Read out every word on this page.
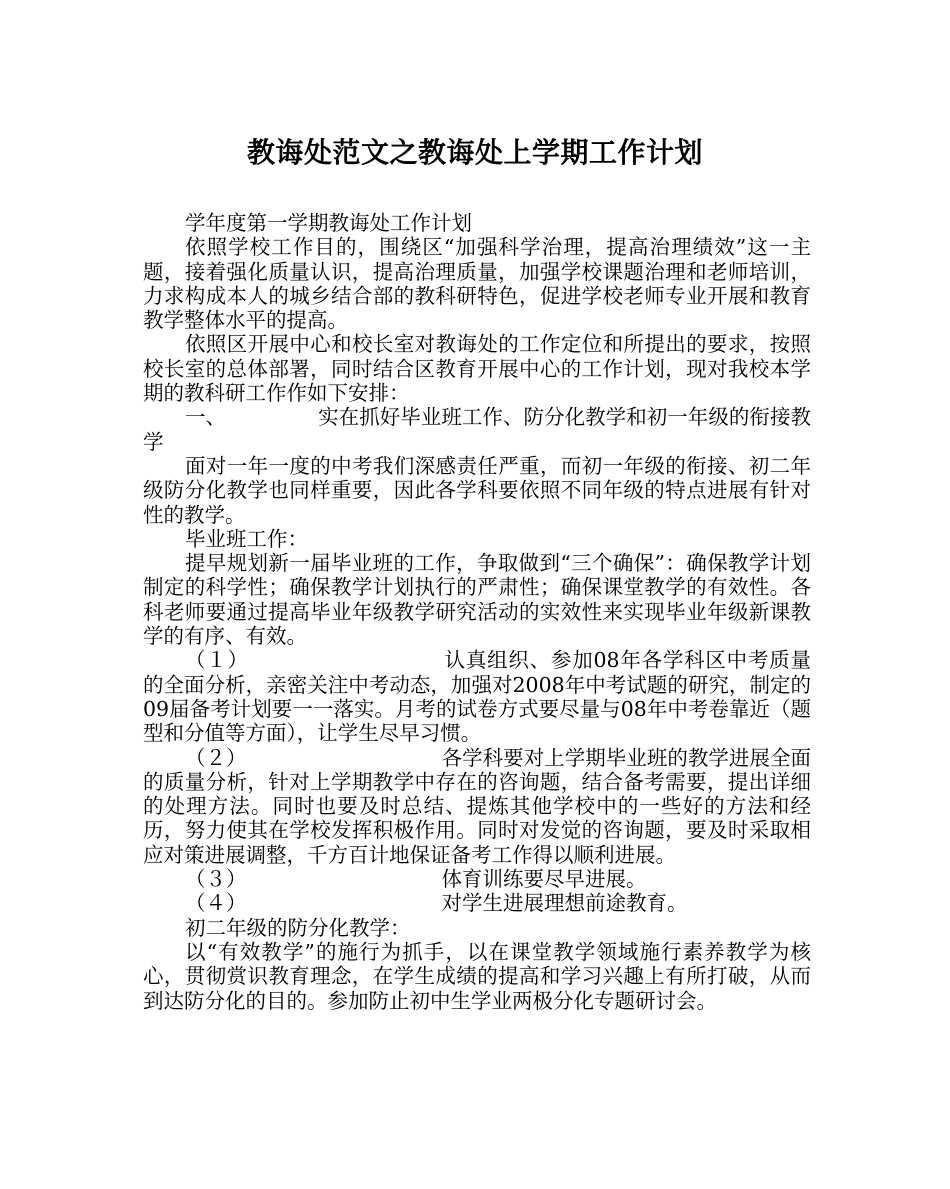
教诲处范文之教诲处上学期工作计划

学年度第一学期教诲处工作计划

依照学校工作目的，围绕区“加强科学治理，提高治理绩效”这一主题，接着强化质量认识，提高治理质量，加强学校课题治理和老师培训，力求构成本人的城乡结合部的教科研特色，促进学校老师专业开展和教育教学整体水平的提高。

依照区开展中心和校长室对教诲处的工作定位和所提出的要求，按照校长室的总体部署，同时结合区教育开展中心的工作计划，现对我校本学期的教科研工作作如下安排：

一、	实在抓好毕业班工作、防分化教学和初一年级的衔接教学

面对一年一度的中考我们深感责任严重，而初一年级的衔接、初二年级防分化教学也同样重要，因此各学科要依照不同年级的特点进展有针对性的教学。

毕业班工作：

提早规划新一届毕业班的工作，争取做到“三个确保”：确保教学计划制定的科学性；确保教学计划执行的严肃性；确保课堂教学的有效性。各科老师要通过提高毕业年级教学研究活动的实效性来实现毕业年级新课教学的有序、有效。

（１）	认真组织、参加08年各学科区中考质量的全面分析，亲密关注中考动态，加强对2008年中考试题的研究，制定的09届备考计划要一一落实。月考的试卷方式要尽量与08年中考卷靠近（题型和分值等方面），让学生尽早习惯。

（２）	各学科要对上学期毕业班的教学进展全面的质量分析，针对上学期教学中存在的咨询题，结合备考需要，提出详细的处理方法。同时也要及时总结、提炼其他学校中的一些好的方法和经历，努力使其在学校发挥积极作用。同时对发觉的咨询题，要及时采取相应对策进展调整，千方百计地保证备考工作得以顺利进展。

（３）	体育训练要尽早进展。

（４）	对学生进展理想前途教育。

初二年级的防分化教学：

以“有效教学”的施行为抓手，以在课堂教学领域施行素养教学为核心，贯彻赏识教育理念，在学生成绩的提高和学习兴趣上有所打破，从而到达防分化的目的。参加防止初中生学业两极分化专题研讨会。
